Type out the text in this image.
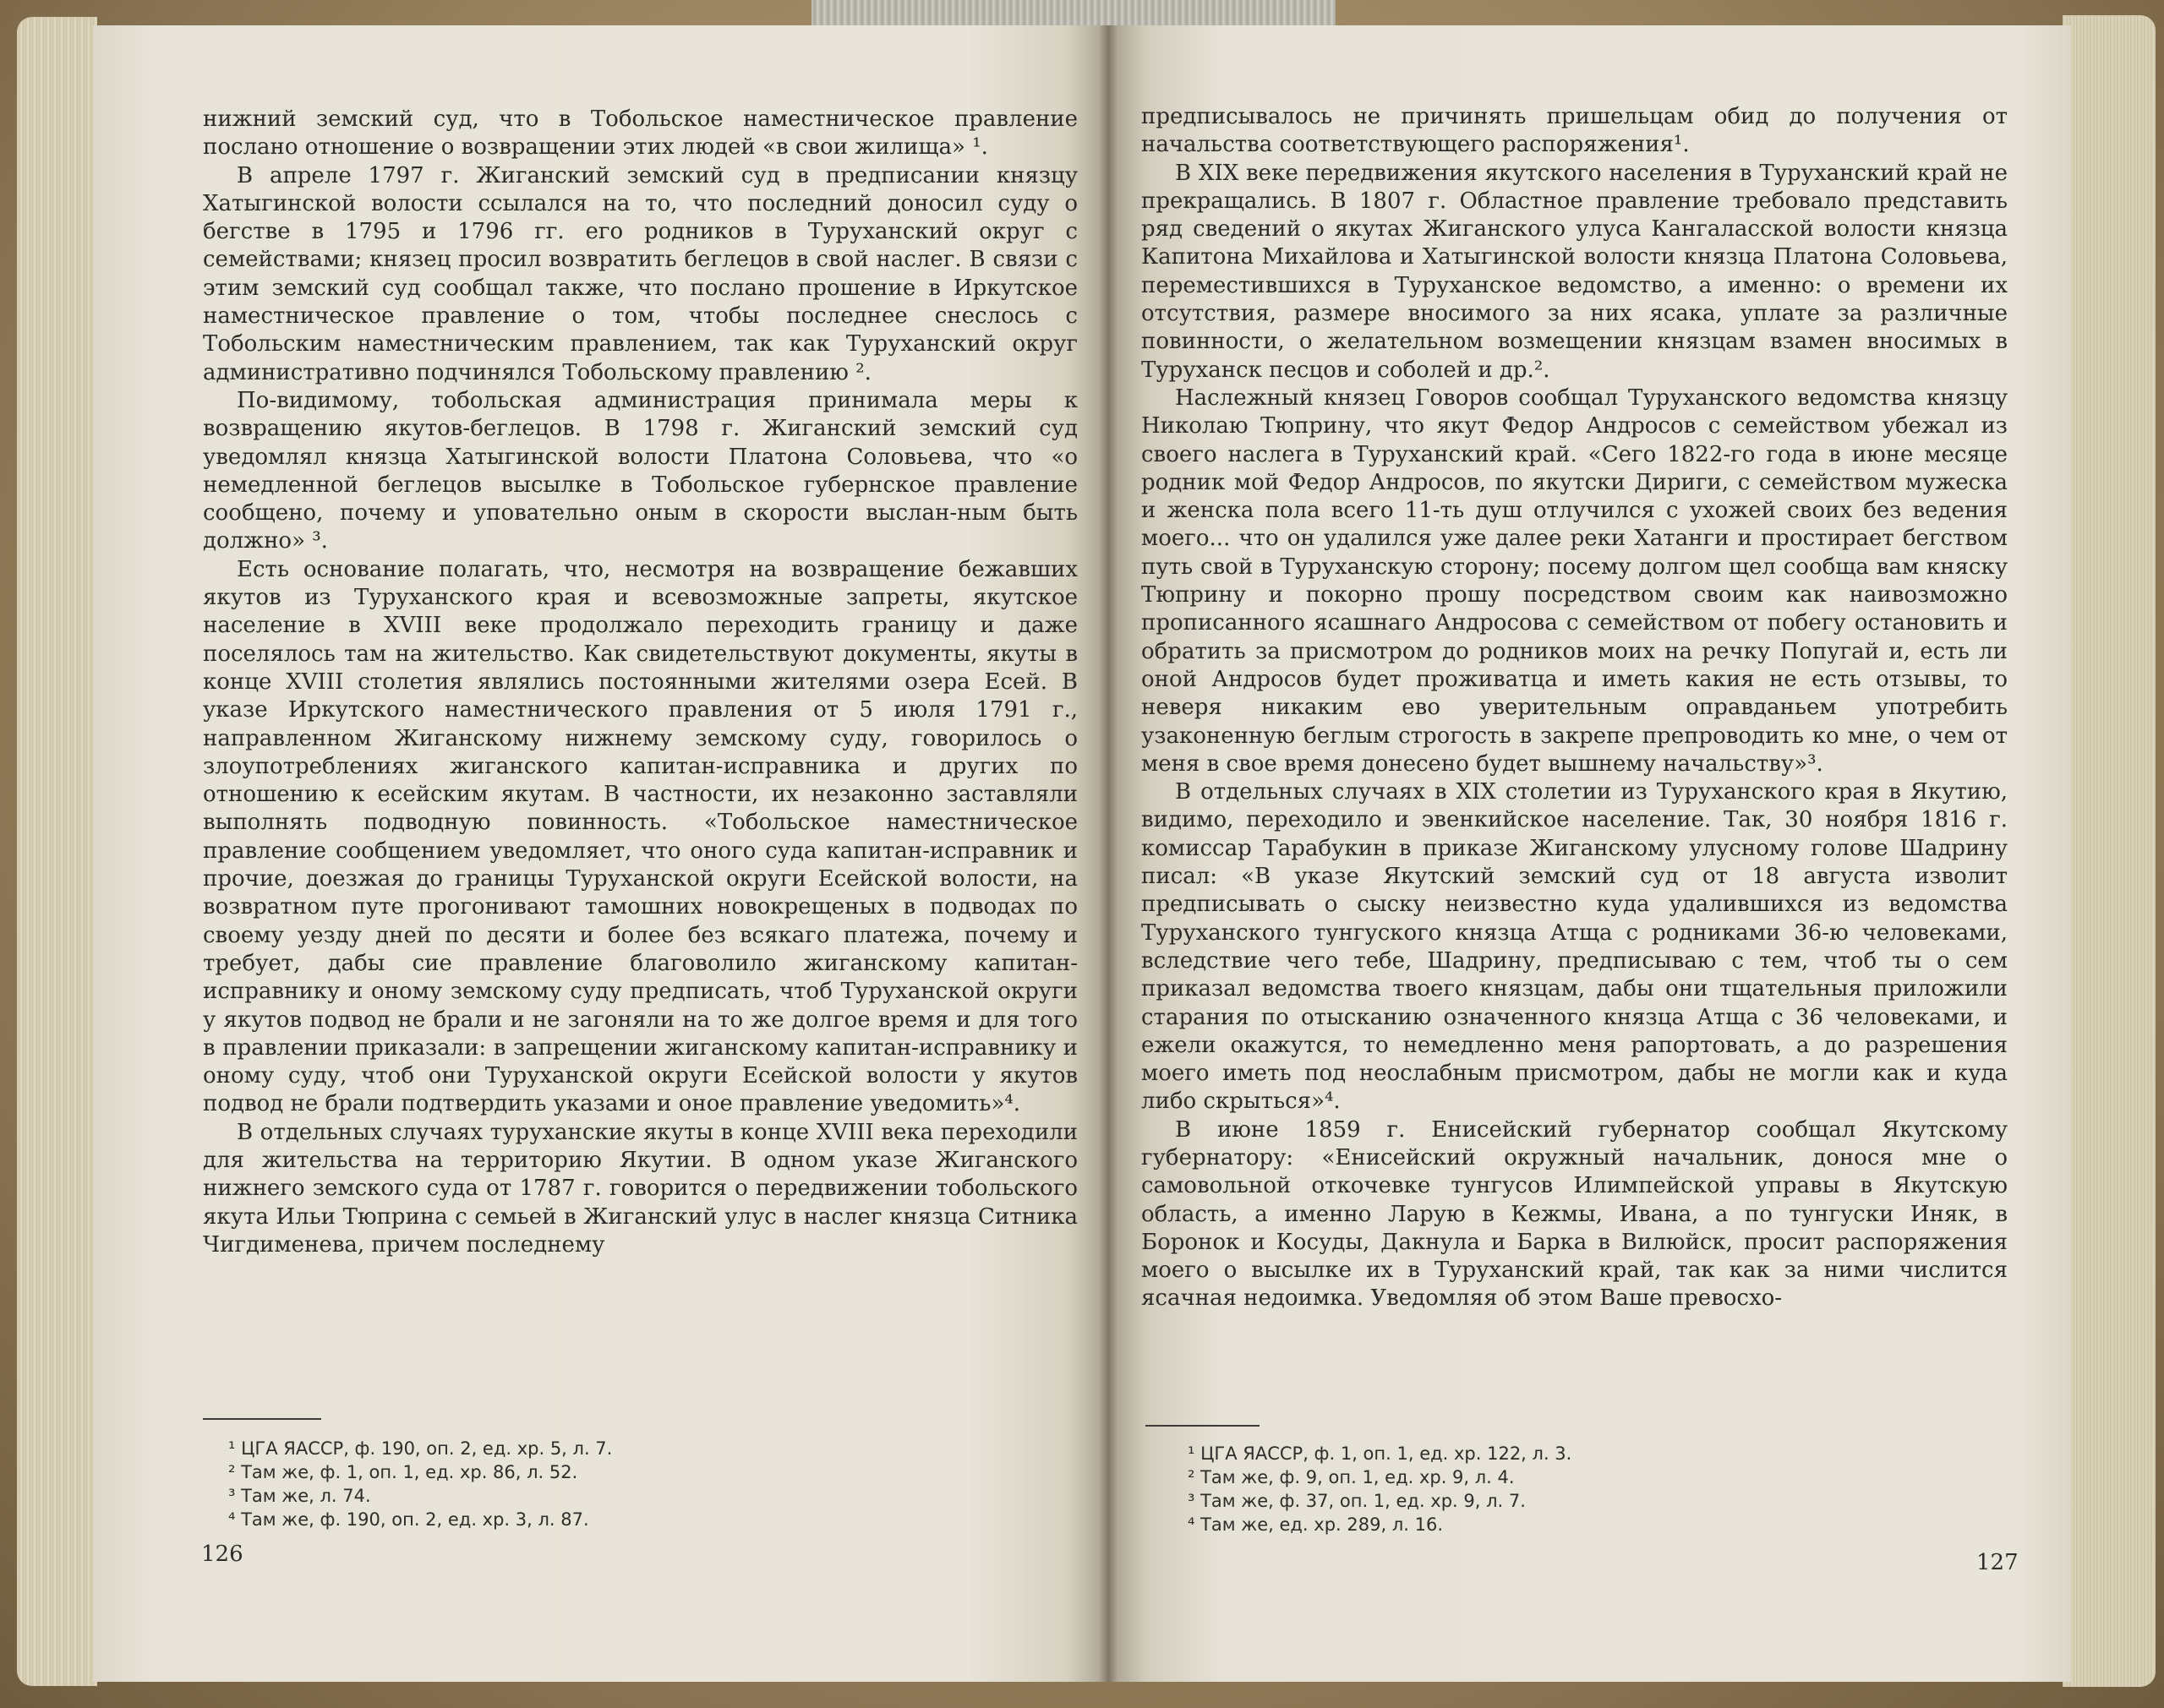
нижний земский суд, что в Тобольское наместническое правление послано отношение о возвращении этих людей «в свои жилища» ¹.

В апреле 1797 г. Жиганский земский суд в предписании князцу Хатыгинской волости ссылался на то, что последний доносил суду о бегстве в 1795 и 1796 гг. его родников в Туруханский округ с семействами; князец просил возвратить беглецов в свой наслег. В связи с этим земский суд сообщал также, что послано прошение в Иркутское наместническое правление о том, чтобы последнее снеслось с Тобольским наместническим правлением, так как Туруханский округ административно подчинялся Тобольскому правлению ².

По-видимому, тобольская администрация принимала меры к возвращению якутов-беглецов. В 1798 г. Жиганский земский суд уведомлял князца Хатыгинской волости Платона Соловьева, что «о немедленной беглецов высылке в Тобольское губернское правление сообщено, почему и уповательно оным в скорости выслан-ным быть должно» ³.

Есть основание полагать, что, несмотря на возвращение бежавших якутов из Туруханского края и всевозможные запреты, якутское население в XVIII веке продолжало переходить границу и даже поселялось там на жительство. Как свидетельствуют документы, якуты в конце XVIII столетия являлись постоянными жителями озера Есей. В указе Иркутского наместнического правления от 5 июля 1791 г., направленном Жиганскому нижнему земскому суду, говорилось о злоупотреблениях жиганского капитан-исправника и других по отношению к есейским якутам. В частности, их незаконно заставляли выполнять подводную повинность. «Тобольское наместническое правление сообщением уведомляет, что оного суда капитан-исправник и прочие, доезжая до границы Туруханской округи Есейской волости, на возвратном путе прогонивают тамошних новокрещеных в подводах по своему уезду дней по десяти и более без всякаго платежа, почему и требует, дабы сие правление благоволило жиганскому капитан-исправнику и оному земскому суду предписать, чтоб Туруханской округи у якутов подвод не брали и не загоняли на то же долгое время и для того в правлении приказали: в запрещении жиганскому капитан-исправнику и оному суду, чтоб они Туруханской округи Есейской волости у якутов подвод не брали подтвердить указами и оное правление уведомить»⁴.

В отдельных случаях туруханские якуты в конце XVIII века переходили для жительства на территорию Якутии. В одном указе Жиганского нижнего земского суда от 1787 г. говорится о передвижении тобольского якута Ильи Тюприна с семьей в Жиганский улус в наслег князца Ситника Чигдименева, причем последнему

¹ ЦГА ЯАССР, ф. 190, оп. 2, ед. хр. 5, л. 7.
² Там же, ф. 1, оп. 1, ед. хр. 86, л. 52.
³ Там же, л. 74.
⁴ Там же, ф. 190, оп. 2, ед. хр. 3, л. 87.
126

предписывалось не причинять пришельцам обид до получения от начальства соответствующего распоряжения¹.

В XIX веке передвижения якутского населения в Туруханский край не прекращались. В 1807 г. Областное правление требовало представить ряд сведений о якутах Жиганского улуса Кангаласской волости князца Капитона Михайлова и Хатыгинской волости князца Платона Соловьева, переместившихся в Туруханское ведомство, а именно: о времени их отсутствия, размере вносимого за них ясака, уплате за различные повинности, о желательном возмещении князцам взамен вносимых в Туруханск песцов и соболей и др.².

Наслежный князец Говоров сообщал Туруханского ведомства князцу Николаю Тюприну, что якут Федор Андросов с семейством убежал из своего наслега в Туруханский край. «Сего 1822-го года в июне месяце родник мой Федор Андросов, по якутски Дириги, с семейством мужеска и женска пола всего 11-ть душ отлучился с ухожей своих без ведения моего... что он удалился уже далее реки Хатанги и простирает бегством путь свой в Туруханскую сторону; посему долгом щел сообща вам княску Тюприну и покорно прошу посредством своим как наивозможно прописанного ясашнаго Андросова с семейством от побегу остановить и обратить за присмотром до родников моих на речку Попугай и, есть ли оной Андросов будет проживатца и иметь какия не есть отзывы, то неверя никаким ево уверительным оправданьем употребить узаконенную беглым строгость в закрепе препроводить ко мне, о чем от меня в свое время донесено будет вышнему начальству»³.

В отдельных случаях в XIX столетии из Туруханского края в Якутию, видимо, переходило и эвенкийское население. Так, 30 ноября 1816 г. комиссар Тарабукин в приказе Жиганскому улусному голове Шадрину писал: «В указе Якутский земский суд от 18 августа изволит предписывать о сыску неизвестно куда удалившихся из ведомства Туруханского тунгуского князца Атща с родниками 36-ю человеками, вследствие чего тебе, Шадрину, предписываю с тем, чтоб ты о сем приказал ведомства твоего князцам, дабы они тщательныя приложили старания по отысканию означенного князца Атща с 36 человеками, и ежели окажутся, то немедленно меня рапортовать, а до разрешения моего иметь под неослабным присмотром, дабы не могли как и куда либо скрыться»⁴.

В июне 1859 г. Енисейский губернатор сообщал Якутскому губернатору: «Енисейский окружный начальник, донося мне о самовольной откочевке тунгусов Илимпейской управы в Якутскую область, а именно Ларую в Кежмы, Ивана, а по тунгуски Иняк, в Боронок и Косуды, Дакнула и Барка в Вилюйск, просит распоряжения моего о высылке их в Туруханский край, так как за ними числится ясачная недоимка. Уведомляя об этом Ваше превосхо-

¹ ЦГА ЯАССР, ф. 1, оп. 1, ед. хр. 122, л. 3.
² Там же, ф. 9, оп. 1, ед. хр. 9, л. 4.
³ Там же, ф. 37, оп. 1, ед. хр. 9, л. 7.
⁴ Там же, ед. хр. 289, л. 16.
127
